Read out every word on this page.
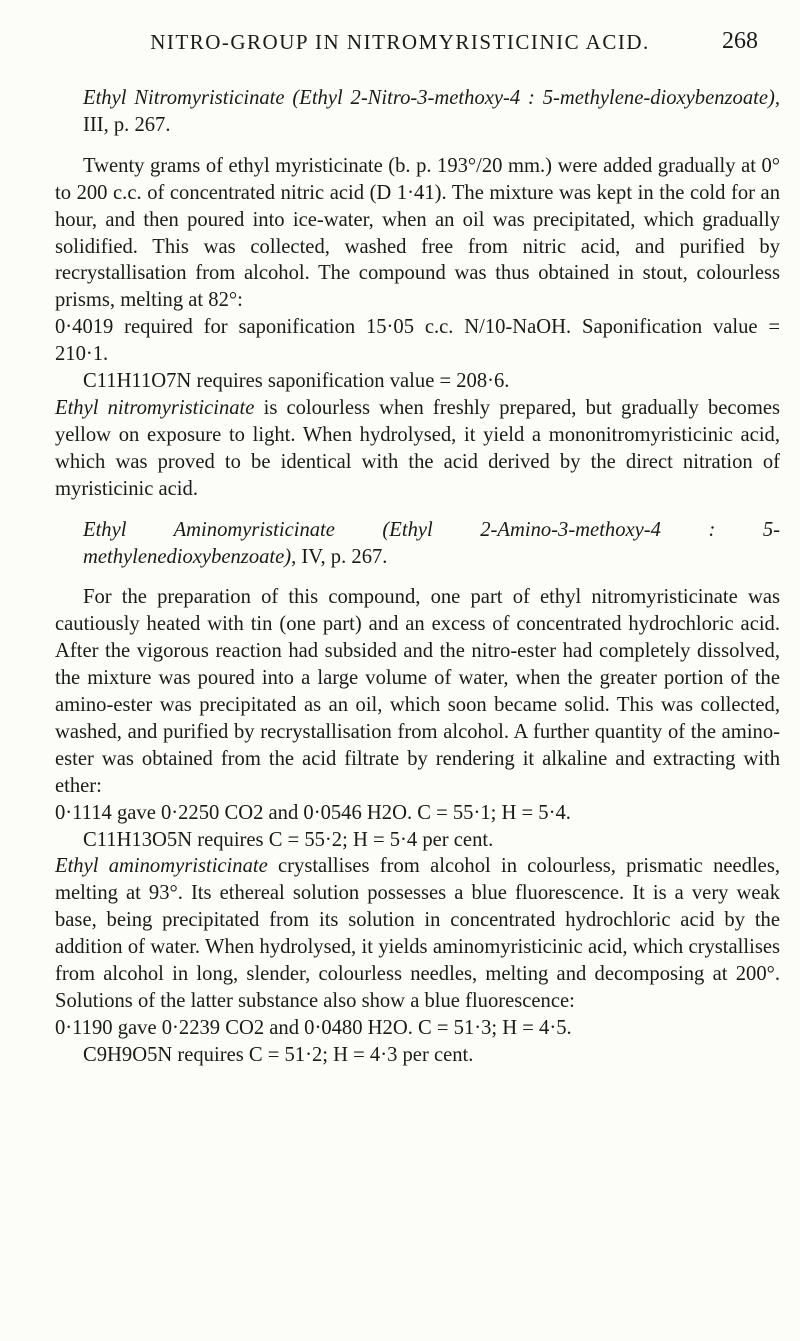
NITRO-GROUP IN NITROMYRISTICINIC ACID.	268

Ethyl Nitromyristicinate (Ethyl 2-Nitro-3-methoxy-4 : 5-methylene-dioxybenzoate), III, p. 267.

Twenty grams of ethyl myristicinate (b. p. 193°/20 mm.) were added gradually at 0° to 200 c.c. of concentrated nitric acid (D 1·41). The mixture was kept in the cold for an hour, and then poured into ice-water, when an oil was precipitated, which gradually solidified. This was collected, washed free from nitric acid, and purified by recrystallisation from alcohol. The compound was thus obtained in stout, colourless prisms, melting at 82°:

0·4019 required for saponification 15·05 c.c. N/10-NaOH. Saponification value = 210·1.

C11H11O7N requires saponification value = 208·6.

Ethyl nitromyristicinate is colourless when freshly prepared, but gradually becomes yellow on exposure to light. When hydrolysed, it yield a mononitromyristicinic acid, which was proved to be identical with the acid derived by the direct nitration of myristicinic acid.

Ethyl Aminomyristicinate (Ethyl 2-Amino-3-methoxy-4 : 5-methylenedioxybenzoate), IV, p. 267.

For the preparation of this compound, one part of ethyl nitromyristicinate was cautiously heated with tin (one part) and an excess of concentrated hydrochloric acid. After the vigorous reaction had subsided and the nitro-ester had completely dissolved, the mixture was poured into a large volume of water, when the greater portion of the amino-ester was precipitated as an oil, which soon became solid. This was collected, washed, and purified by recrystallisation from alcohol. A further quantity of the amino-ester was obtained from the acid filtrate by rendering it alkaline and extracting with ether:

0·1114 gave 0·2250 CO2 and 0·0546 H2O. C = 55·1; H = 5·4.

C11H13O5N requires C = 55·2; H = 5·4 per cent.

Ethyl aminomyristicinate crystallises from alcohol in colourless, prismatic needles, melting at 93°. Its ethereal solution possesses a blue fluorescence. It is a very weak base, being precipitated from its solution in concentrated hydrochloric acid by the addition of water. When hydrolysed, it yields aminomyristicinic acid, which crystallises from alcohol in long, slender, colourless needles, melting and decomposing at 200°. Solutions of the latter substance also show a blue fluorescence:

0·1190 gave 0·2239 CO2 and 0·0480 H2O. C = 51·3; H = 4·5.

C9H9O5N requires C = 51·2; H = 4·3 per cent.
